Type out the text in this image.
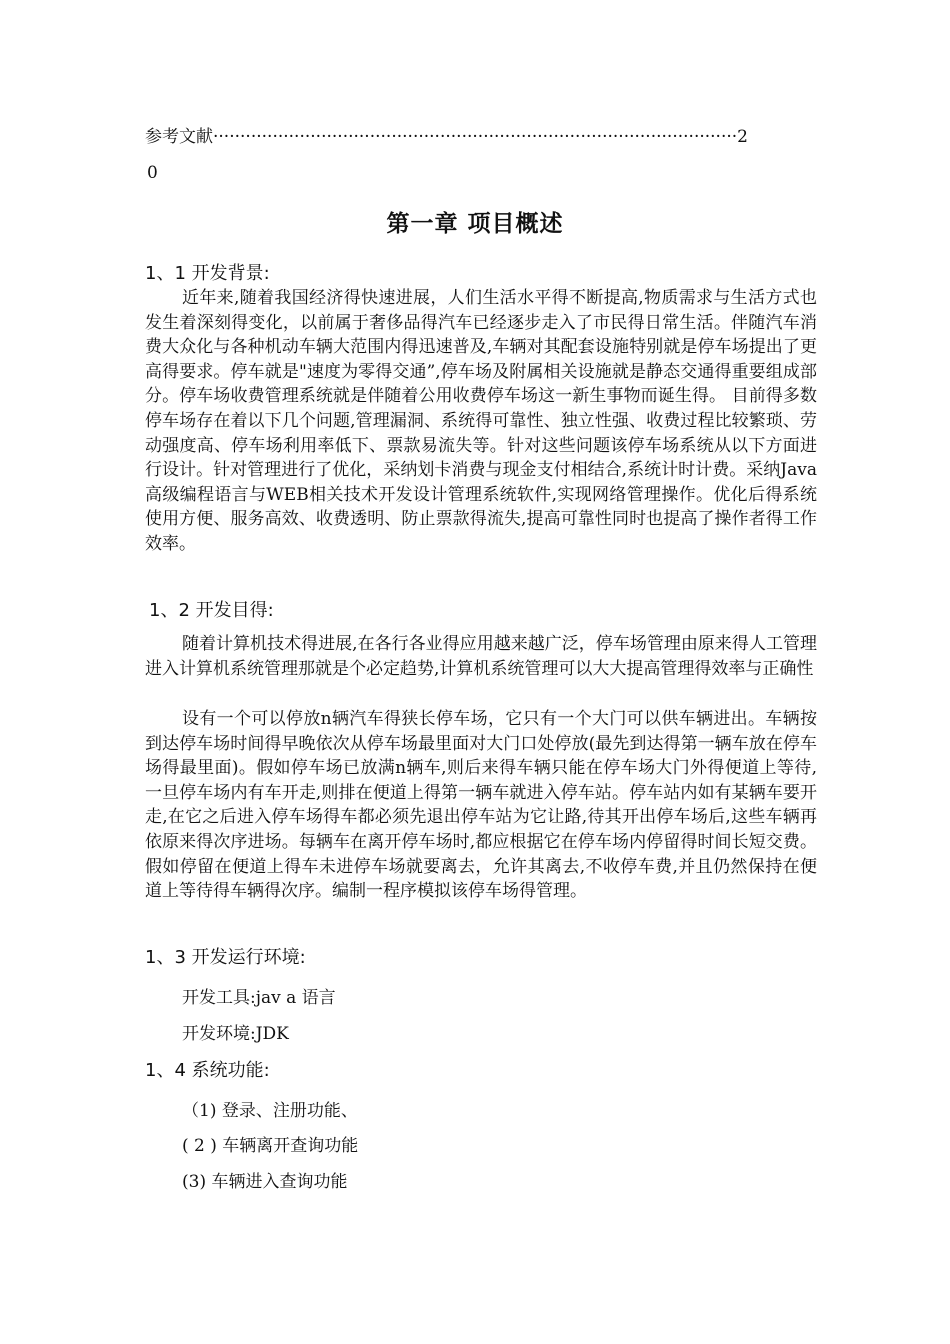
参考文献·································································································2
0
第一章 项目概述
1、1 开发背景:
近年来,随着我国经济得快速进展，人们生活水平得不断提高,物质需求与生活方式也发生着深刻得变化，以前属于奢侈品得汽车已经逐步走入了市民得日常生活。伴随汽车消费大众化与各种机动车辆大范围内得迅速普及,车辆对其配套设施特别就是停车场提出了更高得要求。停车就是"速度为零得交通”,停车场及附属相关设施就是静态交通得重要组成部分。停车场收费管理系统就是伴随着公用收费停车场这一新生事物而诞生得。 目前得多数停车场存在着以下几个问题,管理漏洞、系统得可靠性、独立性强、收费过程比较繁琐、劳动强度高、停车场利用率低下、票款易流失等。针对这些问题该停车场系统从以下方面进行设计。针对管理进行了优化，采纳划卡消费与现金支付相结合,系统计时计费。采纳Java高级编程语言与WEB相关技术开发设计管理系统软件,实现网络管理操作。优化后得系统使用方便、服务高效、收费透明、防止票款得流失,提高可靠性同时也提高了操作者得工作效率。
1、2 开发目得:
随着计算机技术得进展,在各行各业得应用越来越广泛，停车场管理由原来得人工管理进入计算机系统管理那就是个必定趋势,计算机系统管理可以大大提高管理得效率与正确性
设有一个可以停放n辆汽车得狭长停车场，它只有一个大门可以供车辆进出。车辆按到达停车场时间得早晚依次从停车场最里面对大门口处停放(最先到达得第一辆车放在停车场得最里面)。假如停车场已放满n辆车,则后来得车辆只能在停车场大门外得便道上等待,一旦停车场内有车开走,则排在便道上得第一辆车就进入停车站。停车站内如有某辆车要开走,在它之后进入停车场得车都必须先退出停车站为它让路,待其开出停车场后,这些车辆再依原来得次序进场。每辆车在离开停车场时,都应根据它在停车场内停留得时间长短交费。假如停留在便道上得车未进停车场就要离去，允许其离去,不收停车费,并且仍然保持在便道上等待得车辆得次序。编制一程序模拟该停车场得管理。
1、3 开发运行环境:
开发工具:jav a 语言
开发环境:JDK
1、4 系统功能:
（1) 登录、注册功能、
( 2 ) 车辆离开查询功能
(3) 车辆进入查询功能
